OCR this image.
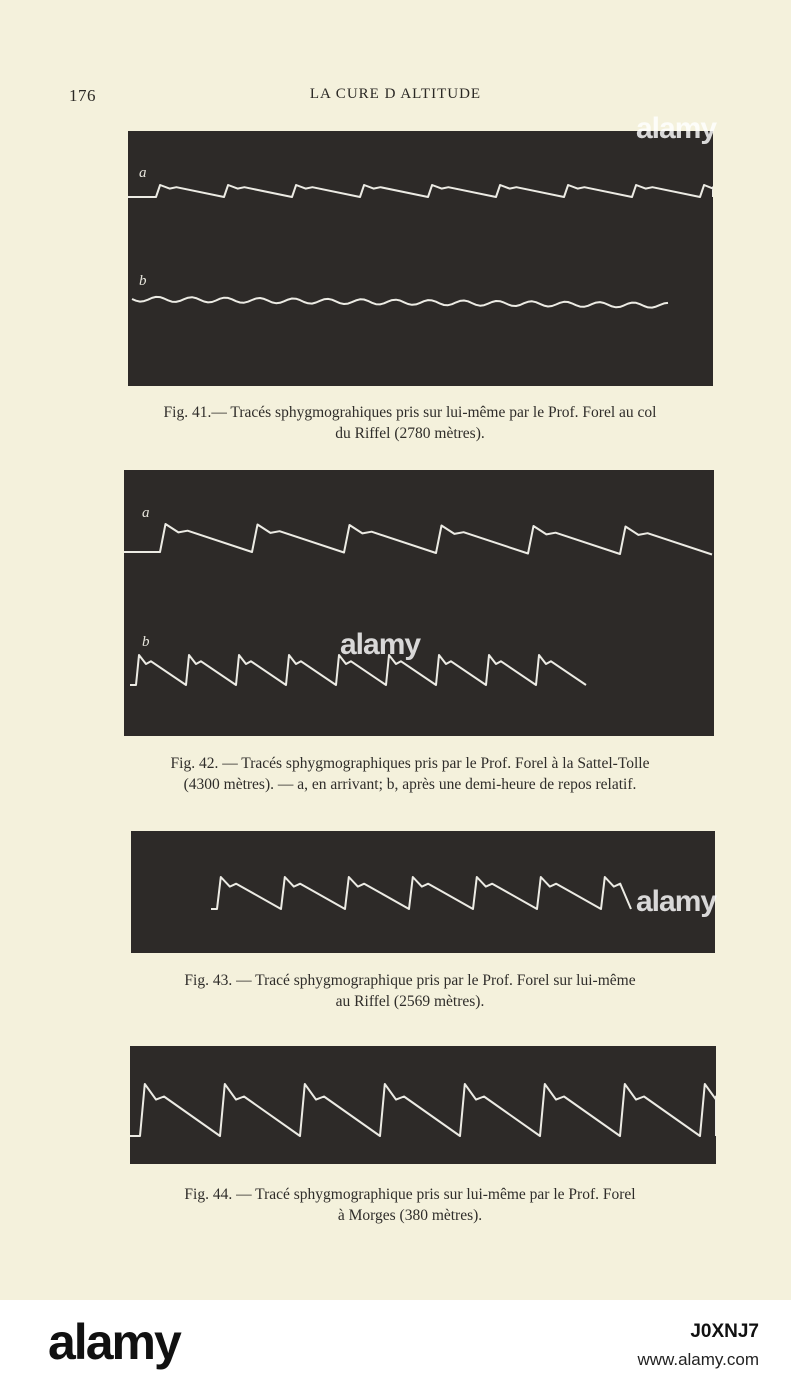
176	LA CURE D ALTITUDE
a
b
Fig. 41.— Tracés sphygmograhiques pris sur lui-même par le Prof. Forel au col
du Riffel (2780 mètres).
a
b
Fig. 42. — Tracés sphygmographiques pris par le Prof. Forel à la Sattel-Tolle
(4300 mètres). — a, en arrivant; b, après une demi-heure de repos relatif.
Fig. 43. — Tracé sphygmographique pris par le Prof. Forel sur lui-même
au Riffel (2569 mètres).
Fig. 44. — Tracé sphygmographique pris sur lui-même par le Prof. Forel
à Morges (380 mètres).
alamy
alamy
alamy
alamy	J0XNJ7
www.alamy.com
